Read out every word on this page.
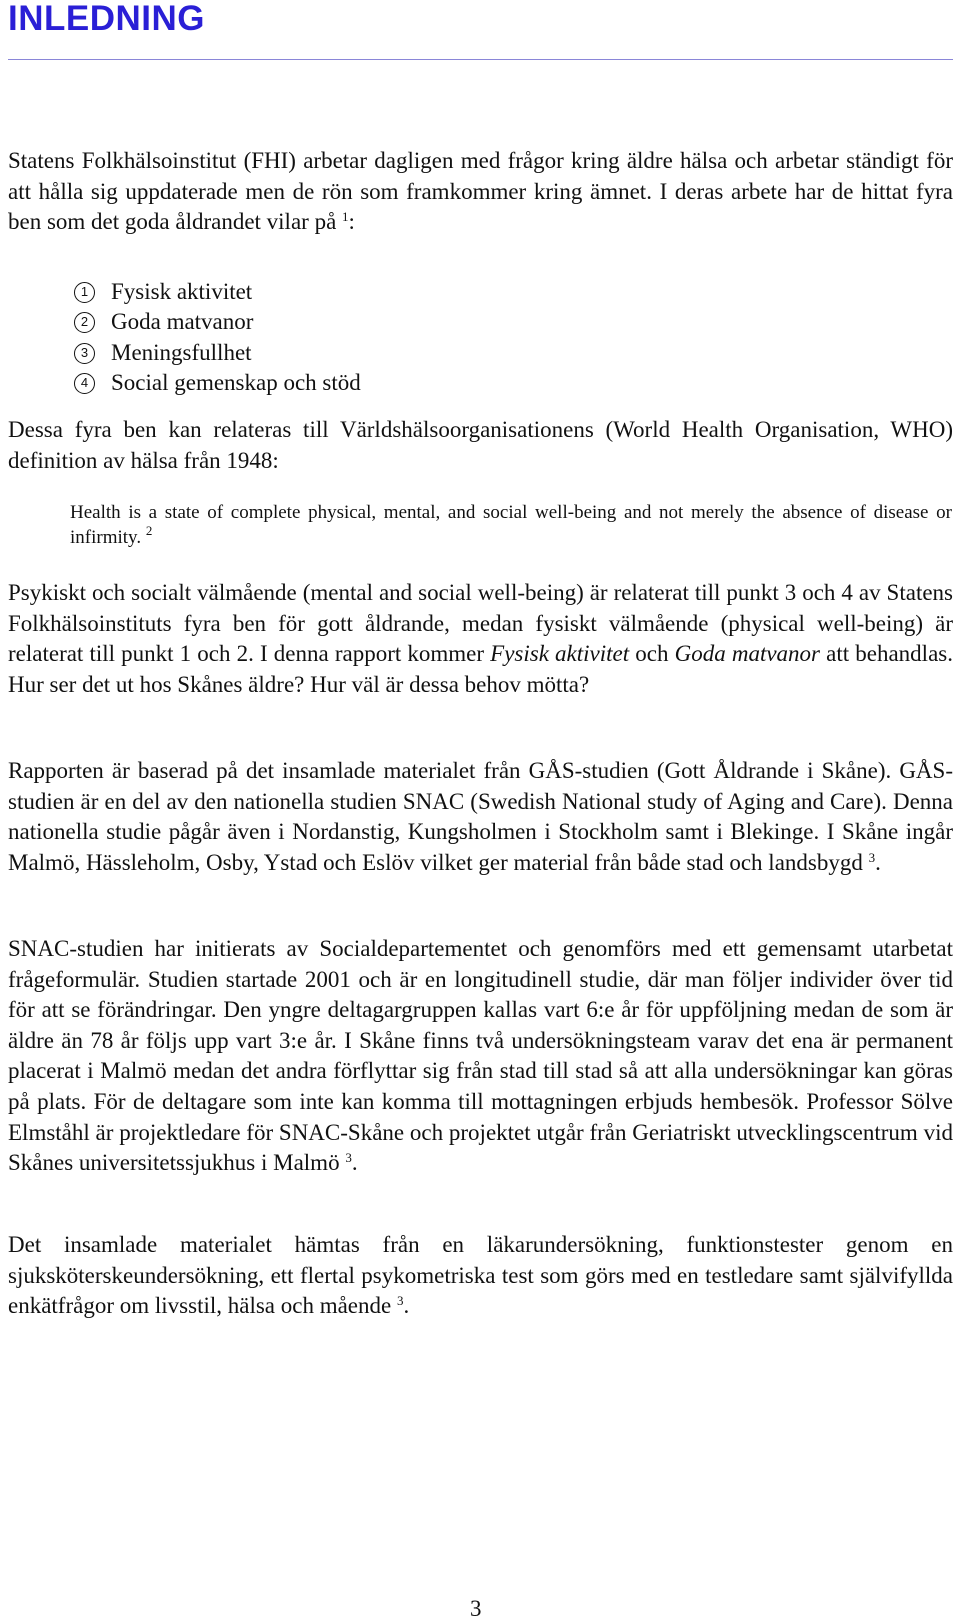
INLEDNING

Statens Folkhälsoinstitut (FHI) arbetar dagligen med frågor kring äldre hälsa och arbetar ständigt för att hålla sig uppdaterade men de rön som framkommer kring ämnet. I deras arbete har de hittat fyra ben som det goda åldrandet vilar på $^1$:

1 Fysisk aktivitet
2 Goda matvanor
3 Meningsfullhet
4 Social gemenskap och stöd

Dessa fyra ben kan relateras till Världshälsoorganisationens (World Health Organisation, WHO) definition av hälsa från 1948:

Health is a state of complete physical, mental, and social well-being and not merely the absence of disease or infirmity. $^2$

Psykiskt och socialt välmående (mental and social well-being) är relaterat till punkt 3 och 4 av Statens Folkhälsoinstituts fyra ben för gott åldrande, medan fysiskt välmående (physical well-being) är relaterat till punkt 1 och 2. I denna rapport kommer Fysisk aktivitet och Goda matvanor att behandlas. Hur ser det ut hos Skånes äldre? Hur väl är dessa behov mötta?

Rapporten är baserad på det insamlade materialet från GÅS-studien (Gott Åldrande i Skåne). GÅS-studien är en del av den nationella studien SNAC (Swedish National study of Aging and Care). Denna nationella studie pågår även i Nordanstig, Kungsholmen i Stockholm samt i Blekinge. I Skåne ingår Malmö, Hässleholm, Osby, Ystad och Eslöv vilket ger material från både stad och landsbygd $^3$.

SNAC-studien har initierats av Socialdepartementet och genomförs med ett gemensamt utarbetat frågeformulär. Studien startade 2001 och är en longitudinell studie, där man följer individer över tid för att se förändringar. Den yngre deltagargruppen kallas vart 6:e år för uppföljning medan de som är äldre än 78 år följs upp vart 3:e år. I Skåne finns två undersökningsteam varav det ena är permanent placerat i Malmö medan det andra förflyttar sig från stad till stad så att alla undersökningar kan göras på plats. För de deltagare som inte kan komma till mottagningen erbjuds hembesök. Professor Sölve Elmståhl är projektledare för SNAC-Skåne och projektet utgår från Geriatriskt utvecklingscentrum vid Skånes universitetssjukhus i Malmö $^3$.

Det insamlade materialet hämtas från en läkarundersökning, funktionstester genom en sjuksköterskeundersökning, ett flertal psykometriska test som görs med en testledare samt självifyllda enkätfrågor om livsstil, hälsa och mående $^3$.

3
